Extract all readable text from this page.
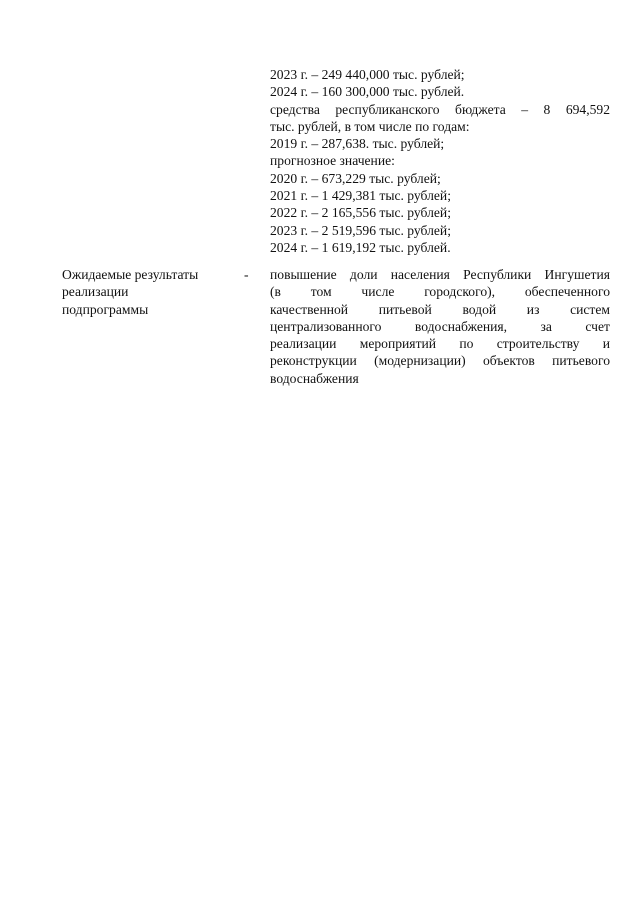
2023 г. – 249 440,000 тыс. рублей;
2024 г. – 160 300,000 тыс. рублей.
средства республиканского бюджета – 8 694,592
тыс. рублей, в том числе по годам:
2019 г. – 287,638. тыс. рублей;
прогнозное значение:
2020 г. – 673,229 тыс. рублей;
2021 г. – 1 429,381 тыс. рублей;
2022 г. – 2 165,556 тыс. рублей;
2023 г. – 2 519,596 тыс. рублей;
2024 г. – 1 619,192 тыс. рублей.
Ожидаемые результаты
реализации
подпрограммы
- повышение доли населения Республики Ингушетия
(в том числе городского), обеспеченного
качественной питьевой водой из систем
централизованного водоснабжения, за счет
реализации мероприятий по строительству и
реконструкции (модернизации) объектов питьевого
водоснабжения
